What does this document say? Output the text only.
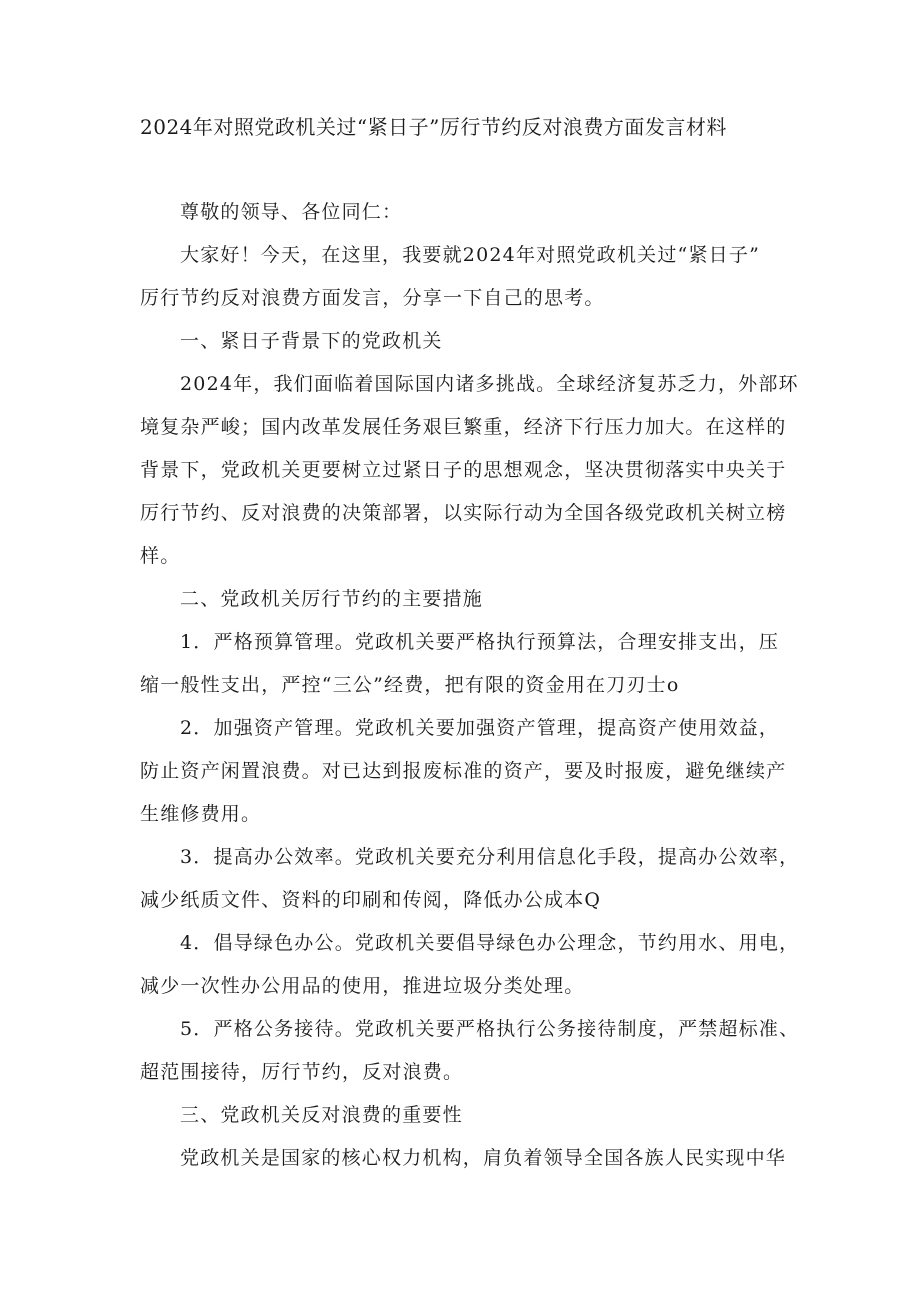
2024年对照党政机关过“紧日子”厉行节约反对浪费方面发言材料
尊敬的领导、各位同仁：
大家好！今天，在这里，我要就2024年对照党政机关过“紧日子”
厉行节约反对浪费方面发言，分享一下自己的思考。
一、紧日子背景下的党政机关
2024年，我们面临着国际国内诸多挑战。全球经济复苏乏力，外部环
境复杂严峻；国内改革发展任务艰巨繁重，经济下行压力加大。在这样的
背景下，党政机关更要树立过紧日子的思想观念，坚决贯彻落实中央关于
厉行节约、反对浪费的决策部署，以实际行动为全国各级党政机关树立榜
样。
二、党政机关厉行节约的主要措施
1．严格预算管理。党政机关要严格执行预算法，合理安排支出，压
缩一般性支出，严控“三公”经费，把有限的资金用在刀刃士o
2．加强资产管理。党政机关要加强资产管理，提高资产使用效益，
防止资产闲置浪费。对已达到报废标准的资产，要及时报废，避免继续产
生维修费用。
3．提高办公效率。党政机关要充分利用信息化手段，提高办公效率，
减少纸质文件、资料的印刷和传阅，降低办公成本Q
4．倡导绿色办公。党政机关要倡导绿色办公理念，节约用水、用电，
减少一次性办公用品的使用，推进垃圾分类处理。
5．严格公务接待。党政机关要严格执行公务接待制度，严禁超标准、
超范围接待，厉行节约，反对浪费。
三、党政机关反对浪费的重要性
党政机关是国家的核心权力机构，肩负着领导全国各族人民实现中华
